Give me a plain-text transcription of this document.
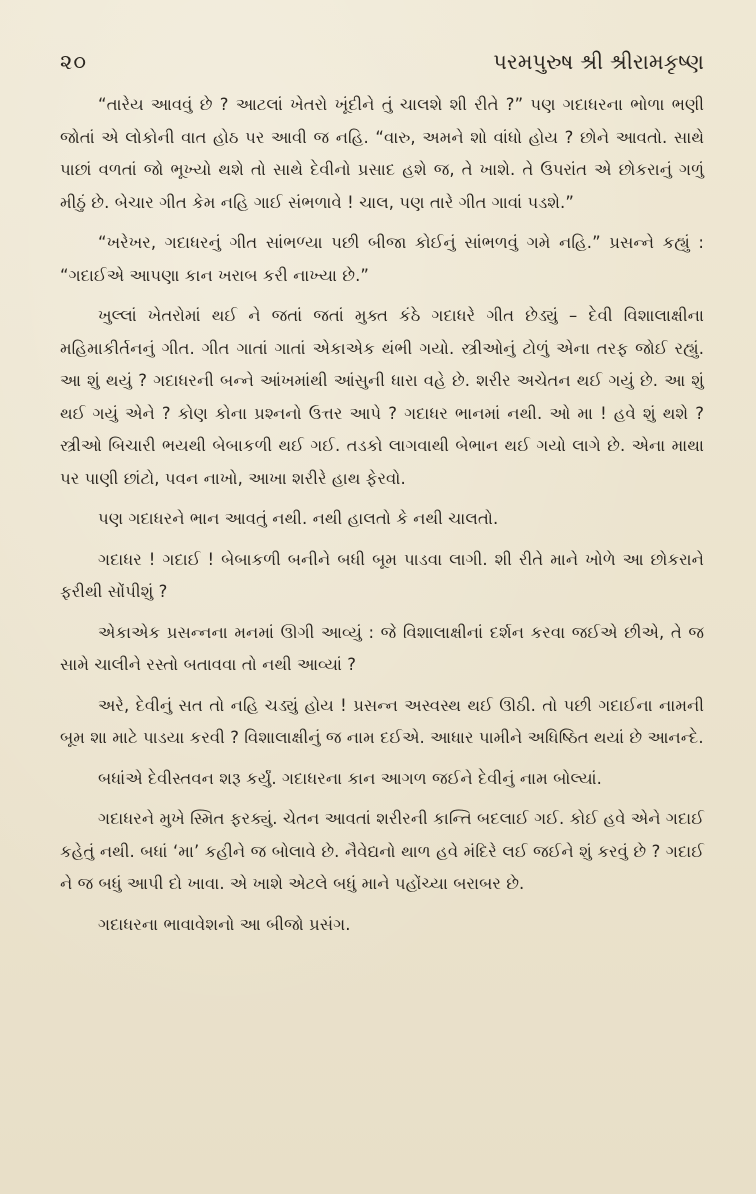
૨૦	પરમપુરુષ શ્રી શ્રીરામકૃષ્ણ

“તારેય આવવું છે ? આટલાં ખેતરો ખૂંદીને તું ચાલશે શી રીતે ?” પણ ગદાધરના ભોળા ભણી જોતાં એ લોકોની વાત હોઠ પર આવી જ નહિ. “વારુ, અમને શો વાંધો હોય ? છોને આવતો. સાથે પાછાં વળતાં જો ભૂખ્યો થશે તો સાથે દેવીનો પ્રસાદ હશે જ, તે ખાશે. તે ઉપરાંત એ છોકરાનું ગળું મીઠું છે. બેચાર ગીત કેમ નહિ ગાઈ સંભળાવે ! ચાલ, પણ તારે ગીત ગાવાં પડશે.”

“ખરેખર, ગદાધરનું ગીત સાંભળ્યા પછી બીજા કોઈનું સાંભળવું ગમે નહિ.” પ્રસન્ને કહ્યું : “ગદાઈએ આપણા કાન ખરાબ કરી નાખ્યા છે.”

ખુલ્લાં ખેતરોમાં થઈ ને જતાં જતાં મુક્ત કંઠે ગદાધરે ગીત છેડ્યું – દેવી વિશાલાક્ષીના મહિમાકીર્તનનું ગીત. ગીત ગાતાં ગાતાં એકાએક થંભી ગયો. સ્ત્રીઓનું ટોળું એના તરફ જોઈ રહ્યું. આ શું થયું ? ગદાધરની બન્ને આંખમાંથી આંસુની ધારા વહે છે. શરીર અચેતન થઈ ગયું છે. આ શું થઈ ગયું એને ? કોણ કોના પ્રશ્નનો ઉત્તર આપે ? ગદાધર ભાનમાં નથી. ઓ મા ! હવે શું થશે ? સ્ત્રીઓ બિચારી ભયથી બેબાકળી થઈ ગઈ. તડકો લાગવાથી બેભાન થઈ ગયો લાગે છે. એના માથા પર પાણી છાંટો, પવન નાખો, આખા શરીરે હાથ ફેરવો.

પણ ગદાધરને ભાન આવતું નથી. નથી હાલતો કે નથી ચાલતો.

ગદાધર ! ગદાઈ ! બેબાકળી બનીને બધી બૂમ પાડવા લાગી. શી રીતે માને ખોળે આ છોકરાને ફરીથી સોંપીશું ?

એકાએક પ્રસન્નના મનમાં ઊગી આવ્યું : જે વિશાલાક્ષીનાં દર્શન કરવા જઈએ છીએ, તે જ સામે ચાલીને રસ્તો બતાવવા તો નથી આવ્યાં ?

અરે, દેવીનું સત તો નહિ ચડ્યું હોય ! પ્રસન્ન અસ્વસ્થ થઈ ઊઠી. તો પછી ગદાઈના નામની બૂમ શા માટે પાડયા કરવી ? વિશાલાક્ષીનું જ નામ દઈએ. આધાર પામીને અધિષ્ઠિત થયાં છે આનન્દે.

બધાંએ દેવીસ્તવન શરૂ કર્યું. ગદાધરના કાન આગળ જઈને દેવીનું નામ બોલ્યાં.

ગદાધરને મુખે સ્મિત ફરક્યું. ચેતન આવતાં શરીરની કાન્તિ બદલાઈ ગઈ. કોઈ હવે એને ગદાઈ કહેતું નથી. બધાં ‘મા’ કહીને જ બોલાવે છે. નૈવેદ્યનો થાળ હવે મંદિરે લઈ જઈને શું કરવું છે ? ગદાઈ ને જ બધું આપી દો ખાવા. એ ખાશે એટલે બધું માને પહોંચ્યા બરાબર છે.

ગદાધરના ભાવાવેશનો આ બીજો પ્રસંગ.
